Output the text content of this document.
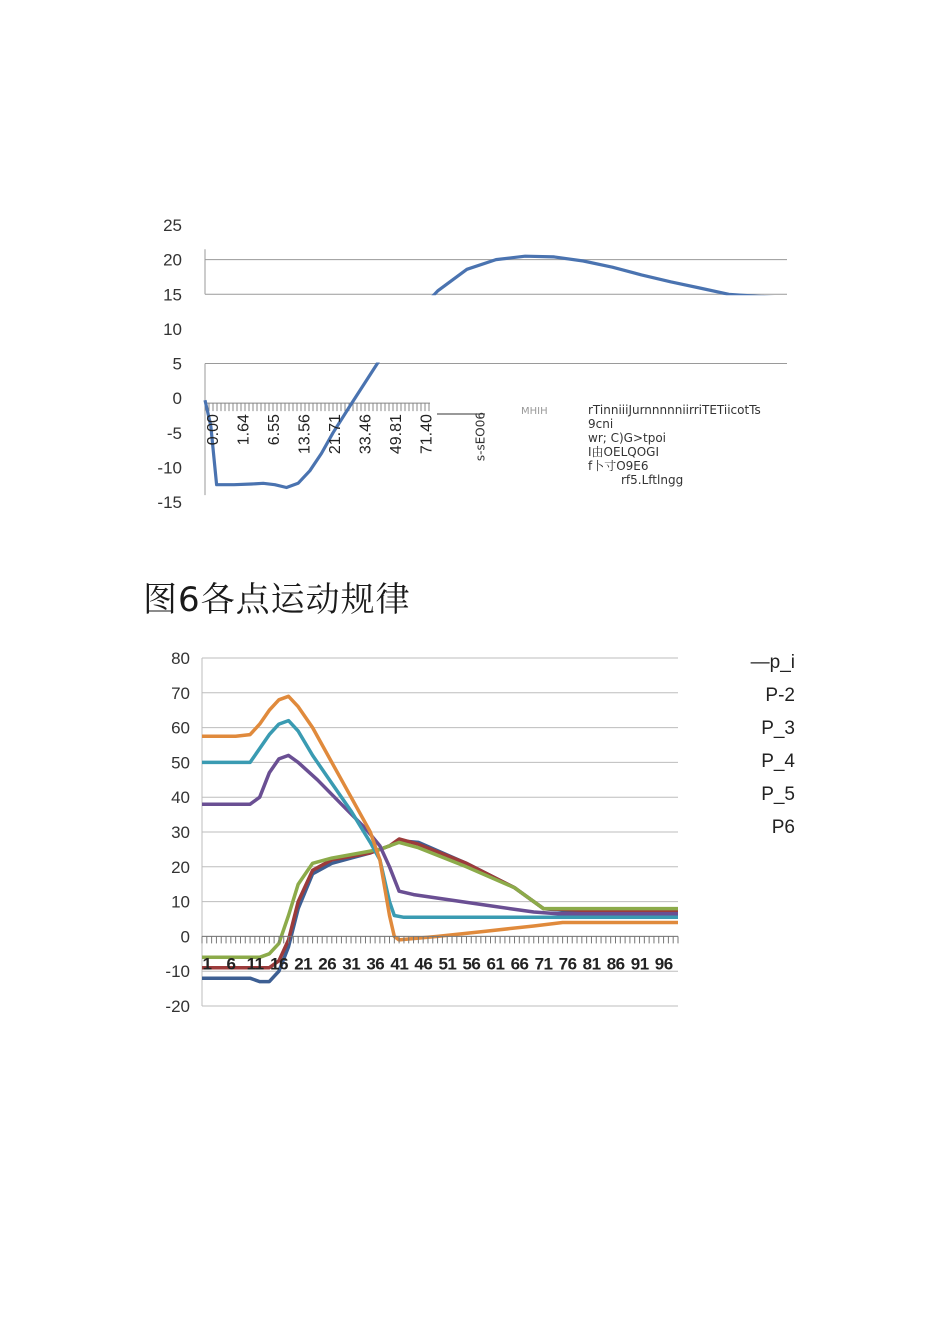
25
20
15
10
5
0
-5
-10
-15
0.00 1.64 6.55 13.56 21.71 33.46 49.81 71.40	s-sEO06
MHIH	rTinniiiJurnnnnniirriTETiicotTs
9cni
wr; C)G>tpoi
I由OELQOGI
f卜寸O9E6
rf5.Lftlngg
图6各点运动规律
80
70
60
50
40
30
20
10
0
-10
-20
1 6 11 16 21 26 31 36 41 46 51 56 61 66 71 76 81 86 91 96
—p_i
P-2
P_3
P_4
P_5
P6
